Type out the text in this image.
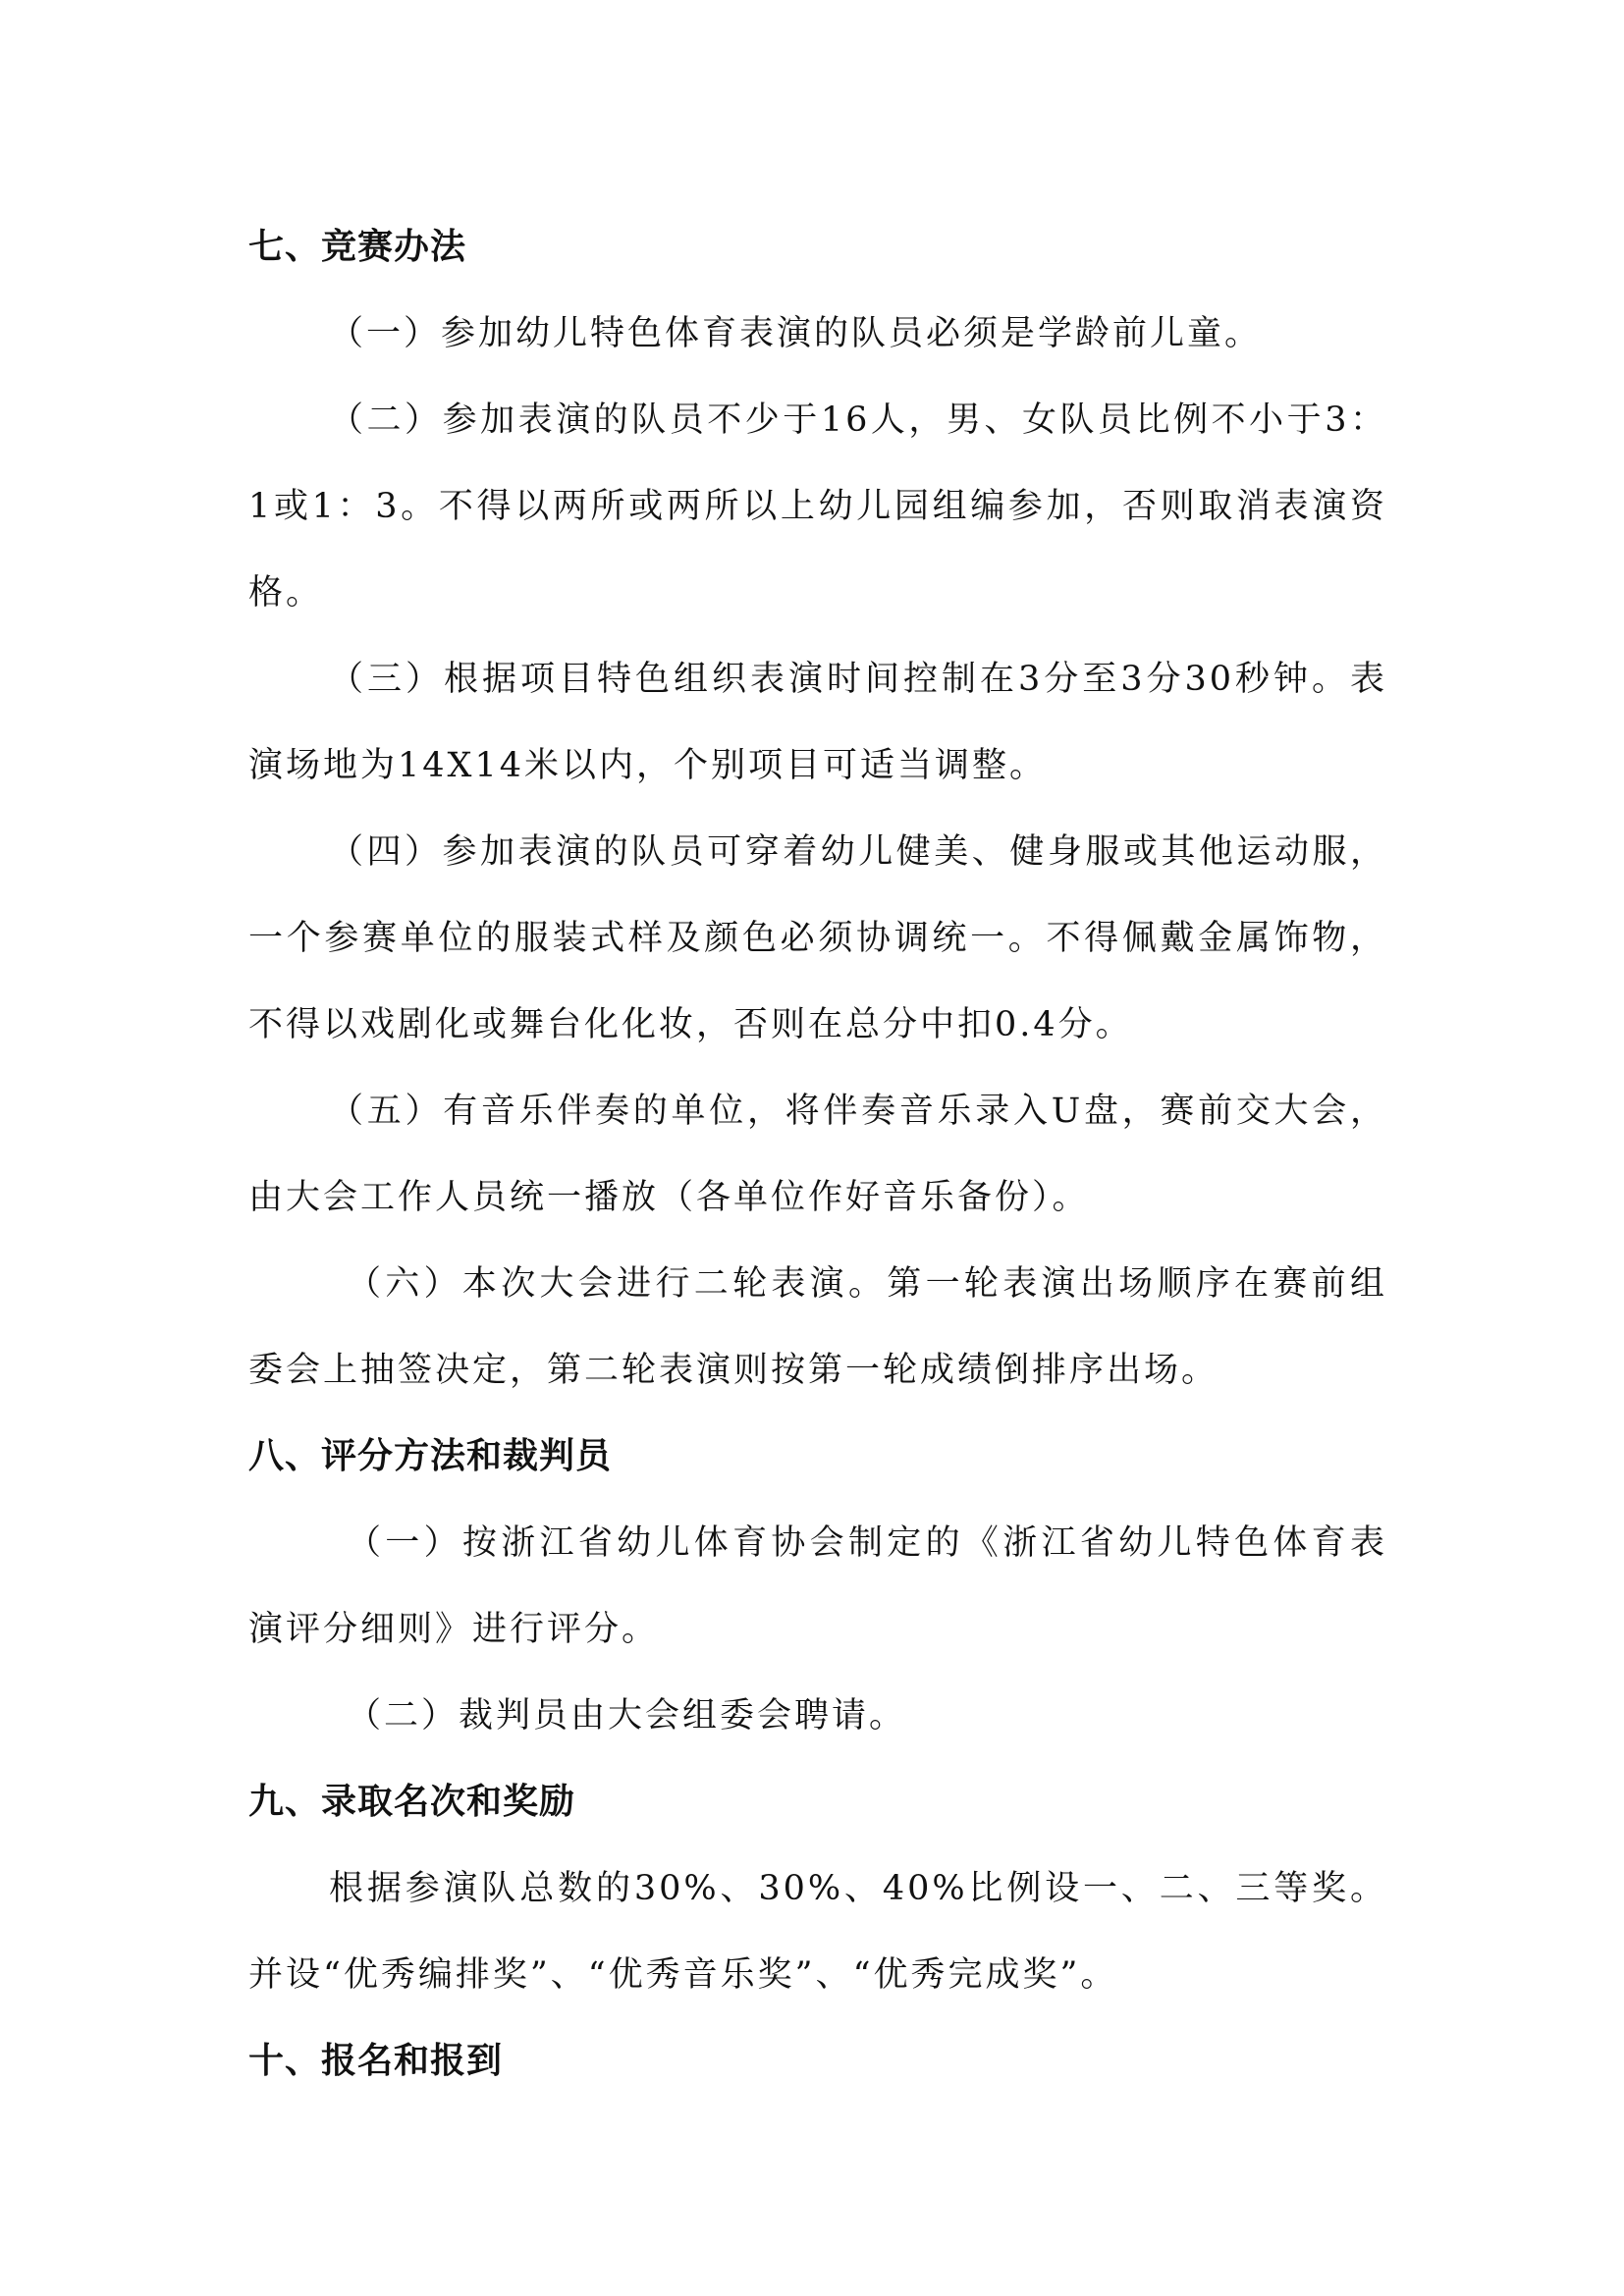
七、竞赛办法

（一）参加幼儿特色体育表演的队员必须是学龄前儿童。

（二）参加表演的队员不少于16人，男、女队员比例不小于3：1或1：3。不得以两所或两所以上幼儿园组编参加，否则取消表演资格。

（三）根据项目特色组织表演时间控制在3分至3分30秒钟。表演场地为14X14米以内，个别项目可适当调整。

（四）参加表演的队员可穿着幼儿健美、健身服或其他运动服，一个参赛单位的服装式样及颜色必须协调统一。不得佩戴金属饰物，不得以戏剧化或舞台化化妆，否则在总分中扣0.4分。

（五）有音乐伴奏的单位，将伴奏音乐录入U盘，赛前交大会，由大会工作人员统一播放（各单位作好音乐备份）。

（六）本次大会进行二轮表演。第一轮表演出场顺序在赛前组委会上抽签决定，第二轮表演则按第一轮成绩倒排序出场。

八、评分方法和裁判员

（一）按浙江省幼儿体育协会制定的《浙江省幼儿特色体育表演评分细则》进行评分。

（二）裁判员由大会组委会聘请。

九、录取名次和奖励

根据参演队总数的30%、30%、40%比例设一、二、三等奖。并设“优秀编排奖”、“优秀音乐奖”、“优秀完成奖”。

十、报名和报到
